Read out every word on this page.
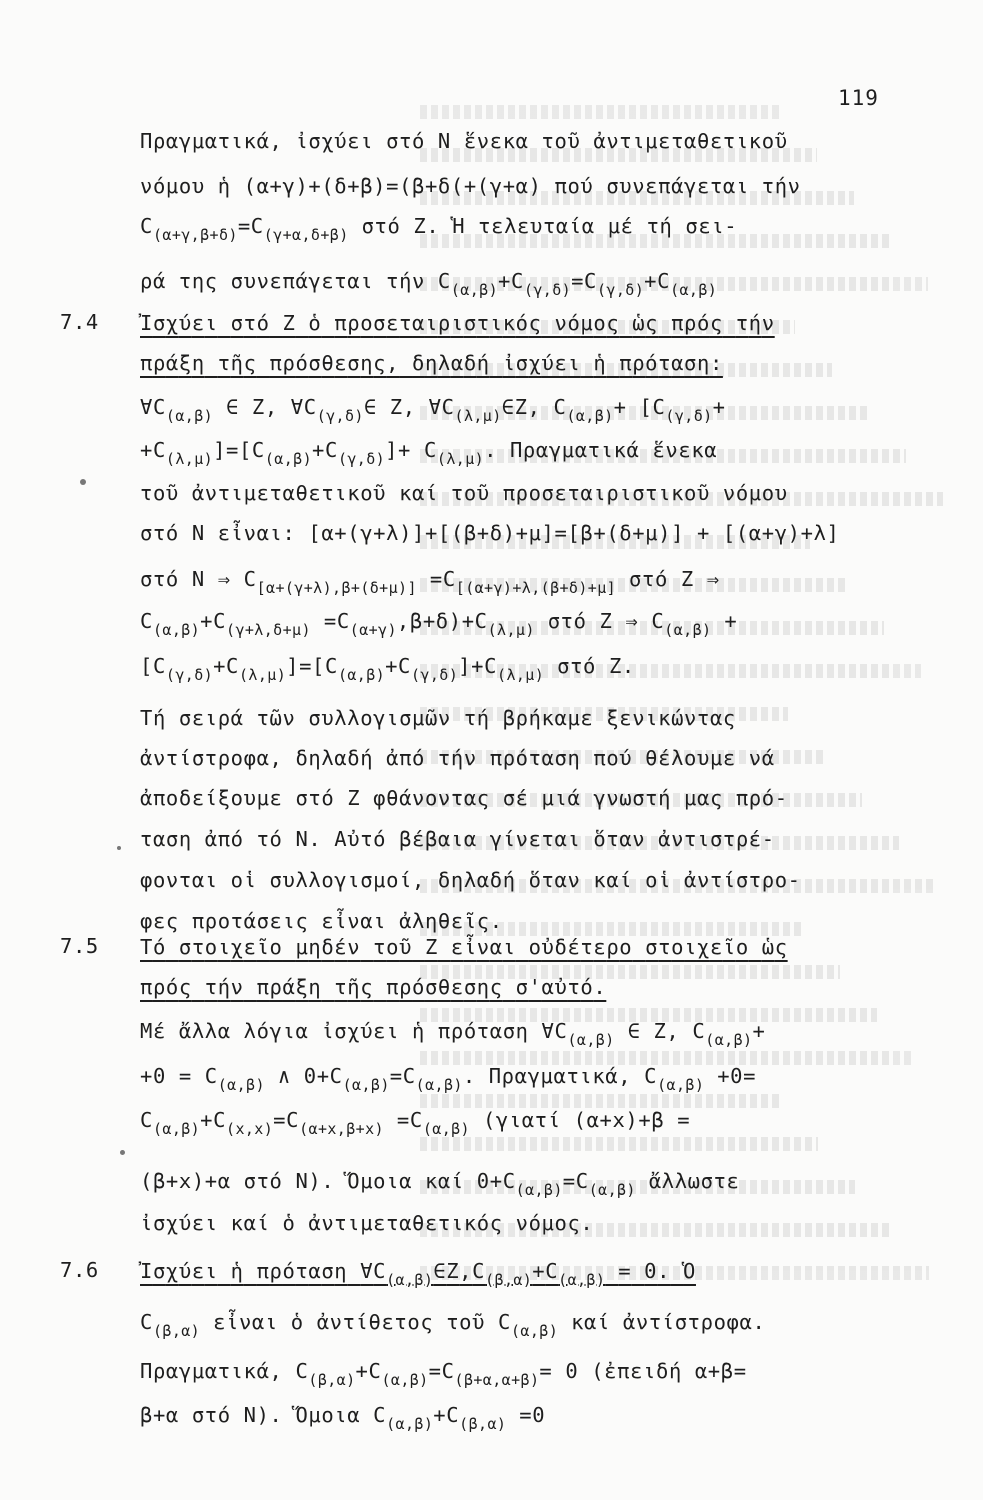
119
7.4
7.5
7.6
Πραγματικά, ἰσχύει στό Ν ἕνεκα τοῦ ἀντιμεταθετικοῦ
νόμου ἡ (α+γ)+(δ+β)=(β+δ(+(γ+α) πού συνεπάγεται τήν
$C_{(\alpha+\gamma,\beta+\delta)}=C_{(\gamma+\alpha,\delta+\beta)}$ στό Ζ. Ἡ τελευταία μέ τή σει-
ρά της συνεπάγεται τήν $C_{(\alpha,\beta)}+C_{(\gamma,\delta)}=C_{(\gamma,\delta)}+C_{(\alpha,\beta)}$
Ἰσχύει στό Ζ ὁ προσεταιριστικός νόμος ὡς πρός τήν
πράξη τῆς πρόσθεσης, δηλαδή ἰσχύει ἡ πρόταση:
$\forall C_{(\alpha,\beta)}$ ∈ Z, $\forall C_{(\gamma,\delta)}\in$ Z, $\forall C_{(\lambda,\mu)}\in Z$, $C_{(\alpha,\beta)}+ [C_{(\gamma,\delta)}+$
$+C_{(\lambda,\mu)}]=[C_{(\alpha,\beta)}+C_{(\gamma,\delta)}]+ C_{(\lambda,\mu)}$. Πραγματικά ἕνεκα
τοῦ ἀντιμεταθετικοῦ καί τοῦ προσεταιριστικοῦ νόμου
στό Ν εἶναι: [α+(γ+λ)]+[(β+δ)+μ]=[β+(δ+μ)] + [(α+γ)+λ]
στό N ⇒ $C_{[\alpha+(\gamma+\lambda),\beta+(\delta+\mu)]} =C_{[(\alpha+\gamma)+\lambda,(\beta+\delta)+\mu]}$ στό Ζ ⇒
$C_{(\alpha,\beta)}+C_{(\gamma+\lambda,\delta+\mu)} =C_{(\alpha+\gamma)},\beta+\delta)+C_{(\lambda,\mu)}$ στό Ζ ⇒ $C_{(\alpha,\beta)}$ +
$[C_{(\gamma,\delta)}+C_{(\lambda,\mu)}]=[C_{(\alpha,\beta)}+C_{(\gamma,\delta)}]+C_{(\lambda,\mu)}$ στό Ζ.
Τή σειρά τῶν συλλογισμῶν τή βρήκαμε ξενικώντας
ἀντίστροφα, δηλαδή ἀπό τήν πρόταση πού θέλουμε νά
ἀποδείξουμε στό Ζ φθάνοντας σέ μιά γνωστή μας πρό-
ταση ἀπό τό Ν. Αὐτό βέβαια γίνεται ὅταν ἀντιστρέ-
φονται οἱ συλλογισμοί, δηλαδή ὅταν καί οἱ ἀντίστρο-
φες προτάσεις εἶναι ἀληθεῖς.
Τό στοιχεῖο μηδέν τοῦ Ζ εἶναι οὐδέτερο στοιχεῖο ὡς
πρός τήν πράξη τῆς πρόσθεσης σ'αὐτό.
Μέ ἄλλα λόγια ἰσχύει ἡ πρόταση $\forall C_{(\alpha,\beta)}$ ∈ Z, $C_{(\alpha,\beta)}+$
$+0 = C_{(\alpha,\beta)}$ ∧ $0+C_{(\alpha,\beta)}=C_{(\alpha,\beta)}$. Πραγματικά, $C_{(\alpha,\beta)} +0=$
$C_{(\alpha,\beta)}+C_{(x,x)}=C_{(\alpha+x,\beta+x)} =C_{(\alpha,\beta)}$ (γιατί (α+x)+β =
(β+x)+α στό Ν). Ὅμοια καί $0+C_{(\alpha,\beta)}=C_{(\alpha,\beta)}$ ἄλλωστε
ἰσχύει καί ὁ ἀντιμεταθετικός νόμος.
Ἰσχύει ἡ πρόταση $\forall C_{(\alpha,\beta)}\in Z,C_{(\beta,\alpha)}+C_{(\alpha,\beta)} = 0$. Ὁ
$C_{(\beta,\alpha)}$ εἶναι ὁ ἀντίθετος τοῦ $C_{(\alpha,\beta)}$ καί ἀντίστροφα.
Πραγματικά, $C_{(\beta,\alpha)}+C_{(\alpha,\beta)}=C_{(\beta+\alpha,\alpha+\beta)}= 0$ (ἐπειδή α+β=
β+α στό Ν). Ὅμοια $C_{(\alpha,\beta)}+C_{(\beta,\alpha)} =0$
